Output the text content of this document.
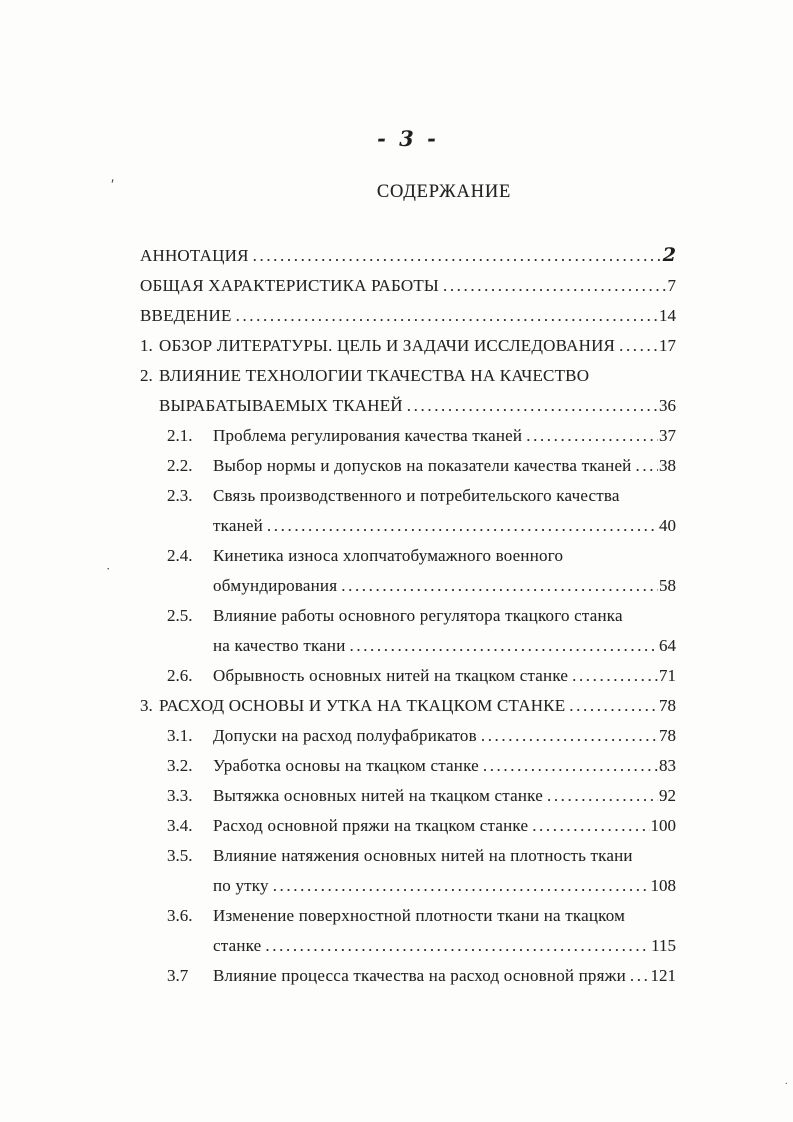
- 3 -
СОДЕРЖАНИЕ
АННОТАЦИЯ .....	2
ОБЩАЯ ХАРАКТЕРИСТИКА РАБОТЫ .....	7
ВВЕДЕНИЕ .....	14
1. ОБЗОР ЛИТЕРАТУРЫ. ЦЕЛЬ И ЗАДАЧИ ИССЛЕДОВАНИЯ .....	17
2. ВЛИЯНИЕ ТЕХНОЛОГИИ ТКАЧЕСТВА НА КАЧЕСТВО
ВЫРАБАТЫВАЕМЫХ ТКАНЕЙ .....	36
2.1.	Проблема регулирования качества тканей .....	37
2.2.	Выбор нормы и допусков на показатели качества тканей ..... 38
2.3.	Связь производственного и потребительского качества
тканей .....	40
2.4.	Кинетика износа хлопчатобумажного военного
обмундирования .....	58
2.5.	Влияние работы основного регулятора ткацкого станка
на качество ткани .....	64
2.6.	Обрывность основных нитей на ткацком станке .....	71
3. РАСХОД ОСНОВЫ И УТКА НА ТКАЦКОМ СТАНКЕ .....	78
3.1.	Допуски на расход полуфабрикатов .....	78
3.2.	Уработка основы на ткацком станке .....	83
3.3.	Вытяжка основных нитей на ткацком станке .....	92
3.4.	Расход основной пряжи на ткацком станке .....	100
3.5.	Влияние натяжения основных нитей на плотность ткани
по утку .....	108
3.6.	Изменение поверхностной плотности ткани на ткацком
станке .....	115
3.7	Влияние процесса ткачества на расход основной пряжи ..... 121
ʹ
·
.
